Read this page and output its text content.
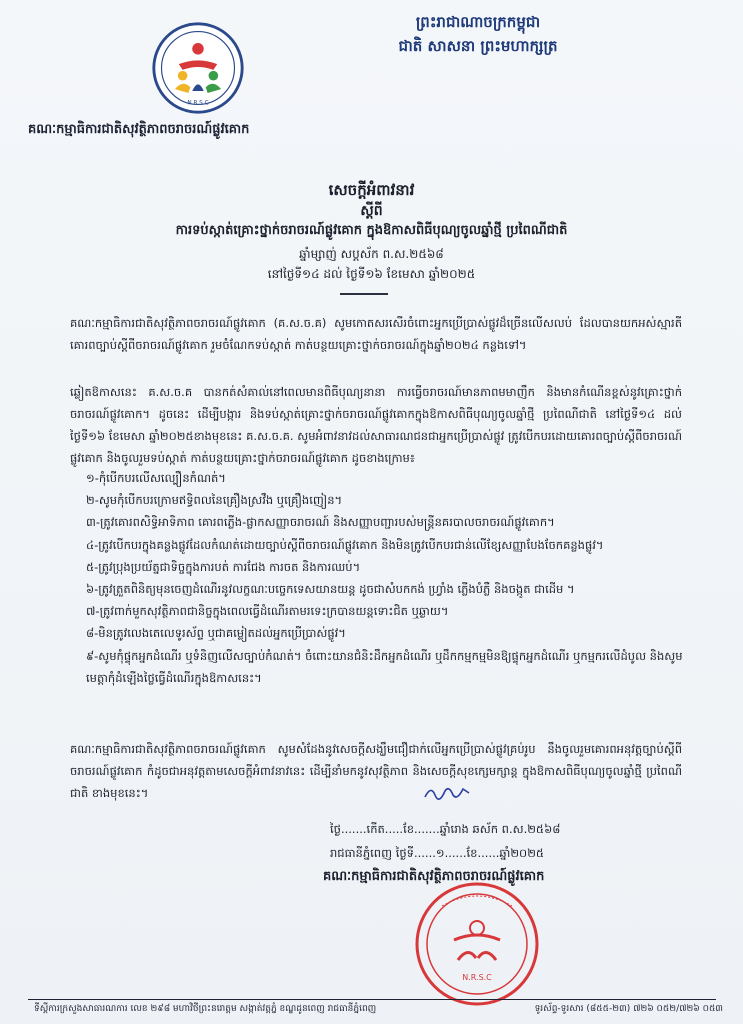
N.R.S.C
ព្រះរាជាណាចក្រកម្ពុជា
ជាតិ សាសនា ព្រះមហាក្សត្រ
គណៈកម្មាធិការជាតិសុវត្ថិភាពចរាចរណ៍ផ្លូវគោក
សេចក្ដីអំពាវនាវ
ស្ដីពី
ការទប់ស្កាត់គ្រោះថ្នាក់ចរាចរណ៍ផ្លូវគោក ក្នុងឱកាសពិធីបុណ្យចូលឆ្នាំថ្មី ប្រពៃណីជាតិ
ឆ្នាំម្សាញ់ សប្តស័ក ព.ស.២៥៦៨
នៅថ្ងៃទី១៤ ដល់ ថ្ងៃទី១៦ ខែមេសា ឆ្នាំ២០២៥
គណៈកម្មាធិការជាតិសុវត្ថិភាពចរាចរណ៍ផ្លូវគោក (គ.ស.ច.គ) សូមកោតសរសើរចំពោះអ្នកប្រើប្រាស់ផ្លូវដ៏ច្រើនលើសលប់ ដែលបានយកអស់ស្មារតីគោរពច្បាប់ស្ដីពីចរាចរណ៍ផ្លូវគោក រួមចំណែកទប់ស្កាត់ កាត់បន្ថយគ្រោះថ្នាក់ចរាចរណ៍ក្នុងឆ្នាំ២០២៤ កន្លងទៅ។
ឆ្លៀតឱកាសនេះ គ.ស.ច.គ បានកត់សំគាល់នៅពេលមានពិធីបុណ្យនានា ការធ្វើចរាចរណ៍មានភាពមមាញឹក និងមានកំណើនខ្ពស់នូវគ្រោះថ្នាក់ចរាចរណ៍ផ្លូវគោក។ ដូចនេះ ដើម្បីបង្ការ និងទប់ស្កាត់គ្រោះថ្នាក់ចរាចរណ៍ផ្លូវគោកក្នុងឱកាសពិធីបុណ្យចូលឆ្នាំថ្មី ប្រពៃណីជាតិ នៅថ្ងៃទី១៤ ដល់ថ្ងៃទី១៦ ខែមេសា ឆ្នាំ២០២៥ខាងមុខនេះ គ.ស.ច.គ. សូមអំពាវនាវដល់សាធារណជនជាអ្នកប្រើប្រាស់ផ្លូវ ត្រូវបើកបរដោយគោរពច្បាប់ស្ដីពីចរាចរណ៍ផ្លូវគោក និងចូលរួមទប់ស្កាត់ កាត់បន្ថយគ្រោះថ្នាក់ចរាចរណ៍ផ្លូវគោក ដូចខាងក្រោម៖
១-កុំបើកបរលើសល្បឿនកំណត់។
២-សូមកុំបើកបរក្រោមឥទ្ធិពលនៃគ្រឿងស្រវឹង ឬគ្រឿងញៀន។
៣-ត្រូវគោរពសិទ្ធិអាទិភាព គោរពភ្លើង-ផ្លាកសញ្ញាចរាចរណ៍ និងសញ្ញាបញ្ជារបស់មន្ត្រីនគរបាលចរាចរណ៍ផ្លូវគោក។
៤-ត្រូវបើកបរក្នុងគន្លងផ្លូវដែលកំណត់ដោយច្បាប់ស្ដីពីចរាចរណ៍ផ្លូវគោក និងមិនត្រូវបើកបរជាន់លើខ្សែសញ្ញាបែងចែកគន្លងផ្លូវ។
៥-ត្រូវប្រុងប្រយ័ត្នជាទិច្ចក្នុងការបត់ ការជែង ការចត និងការឈប់។
៦-ត្រូវត្រួតពិនិត្យមុនចេញដំណើរនូវលក្ខណៈបច្ចេកទេសយានយន្ត ដូចជាសំបកកង់ ហ្វ្រាំង ភ្លើងបំភ្លឺ និងចង្កូត ជាដើម ។
៧-ត្រូវពាក់មួកសុវត្ថិភាពជានិច្ចក្នុងពេលធ្វើដំណើរតាមរទេះក្របានយន្តទោះជិត ឬឆ្ងាយ។
៨-មិនត្រូវលេងតេលេទូរស័ព្ទ ឬជាគម្លៀតដល់អ្នកប្រើប្រាស់ផ្លូវ។
៩-សូមកុំផ្ទុកអ្នកដំណើរ ឬទំនិញលើសច្បាប់កំណត់។ ចំពោះយានជំនិះដឹកអ្នកដំណើរ ឬដឹកកម្មកម្មមិនឱ្យផ្ទុកអ្នកដំណើរ ឬកម្មករលើដំបូល និងសូមមេត្តាកុំដំឡើងថ្លៃធ្វើដំណើរក្នុងឱកាសនេះ។
គណៈកម្មាធិការជាតិសុវត្ថិភាពចរាចរណ៍ផ្លូវគោក សូមសំដែងនូវសេចក្ដីសង្ឃឹមជឿជាក់លើអ្នកប្រើប្រាស់ផ្លូវគ្រប់រូប នឹងចូលរួមគោរពអនុវត្តច្បាប់ស្ដីពីចរាចរណ៍ផ្លូវគោក កំដូចជាអនុវត្តតាមសេចក្ដីអំពាវនាវនេះ ដើម្បីនាំមកនូវសុវត្ថិភាព និងសេចក្ដីសុខក្សេមក្សាន្ត ក្នុងឱកាសពិធីបុណ្យចូលឆ្នាំថ្មី ប្រពៃណីជាតិ ខាងមុខនេះ។
ថ្ងៃ.......កើត.....ខែ.......ឆ្នាំរោង ឆស័ក ព.ស.២៥៦៨
រាជធានីភ្នំពេញ ថ្ងៃទី......១......ខែ......ឆ្នាំ២០២៥
គណៈកម្មាធិការជាតិសុវត្ថិភាពចរាចរណ៍ផ្លូវគោក
N.R.S.C
ទីស្តីការក្រសួងសាធារណការ លេខ ២៩៨ មហាវិថីព្រះនរោត្តម សង្កាត់វត្តភ្នំ ខណ្ឌដូនពេញ រាជធានីភ្នំពេញ	ទូរស័ព្ទ-ទូរសារ (៨៥៥-២៣) ៧២៦ ០៥២/៧២៦ ០៥៣
